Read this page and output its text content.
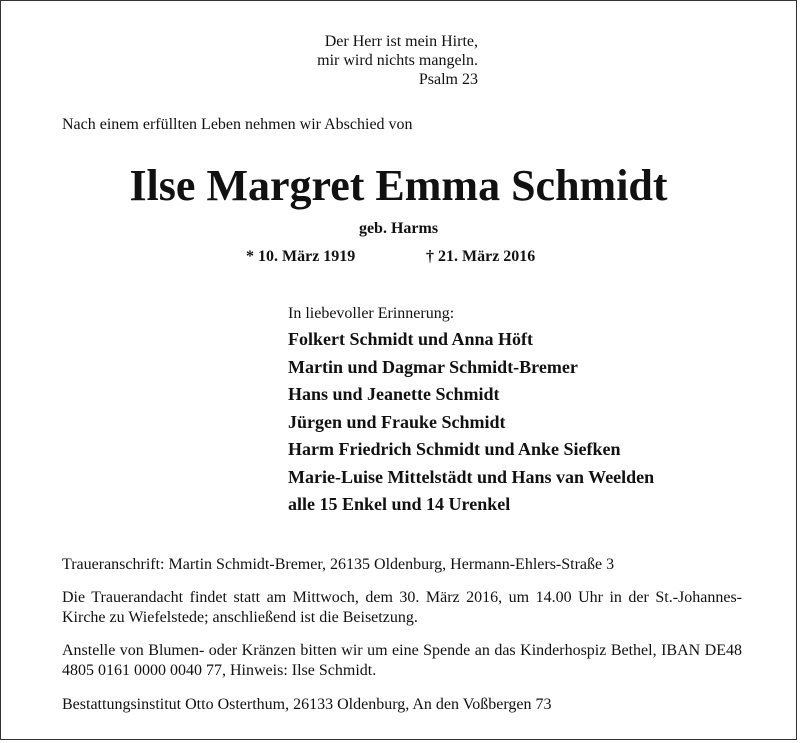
Der Herr ist mein Hirte,
mir wird nichts mangeln.
Psalm 23
Nach einem erfüllten Leben nehmen wir Abschied von
Ilse Margret Emma Schmidt
geb. Harms
* 10. März 1919	† 21. März 2016
In liebevoller Erinnerung:
Folkert Schmidt und Anna Höft
Martin und Dagmar Schmidt-Bremer
Hans und Jeanette Schmidt
Jürgen und Frauke Schmidt
Harm Friedrich Schmidt und Anke Siefken
Marie-Luise Mittelstädt und Hans van Weelden
alle 15 Enkel und 14 Urenkel
Traueranschrift: Martin Schmidt-Bremer, 26135 Oldenburg, Hermann-Ehlers-Straße 3
Die Trauerandacht findet statt am Mittwoch, dem 30. März 2016, um 14.00 Uhr in der St.-Johannes-Kirche zu Wiefelstede; anschließend ist die Beisetzung.
Anstelle von Blumen- oder Kränzen bitten wir um eine Spende an das Kinderhospiz Bethel, IBAN DE48 4805 0161 0000 0040 77, Hinweis: Ilse Schmidt.
Bestattungsinstitut Otto Osterthum, 26133 Oldenburg, An den Voßbergen 73
